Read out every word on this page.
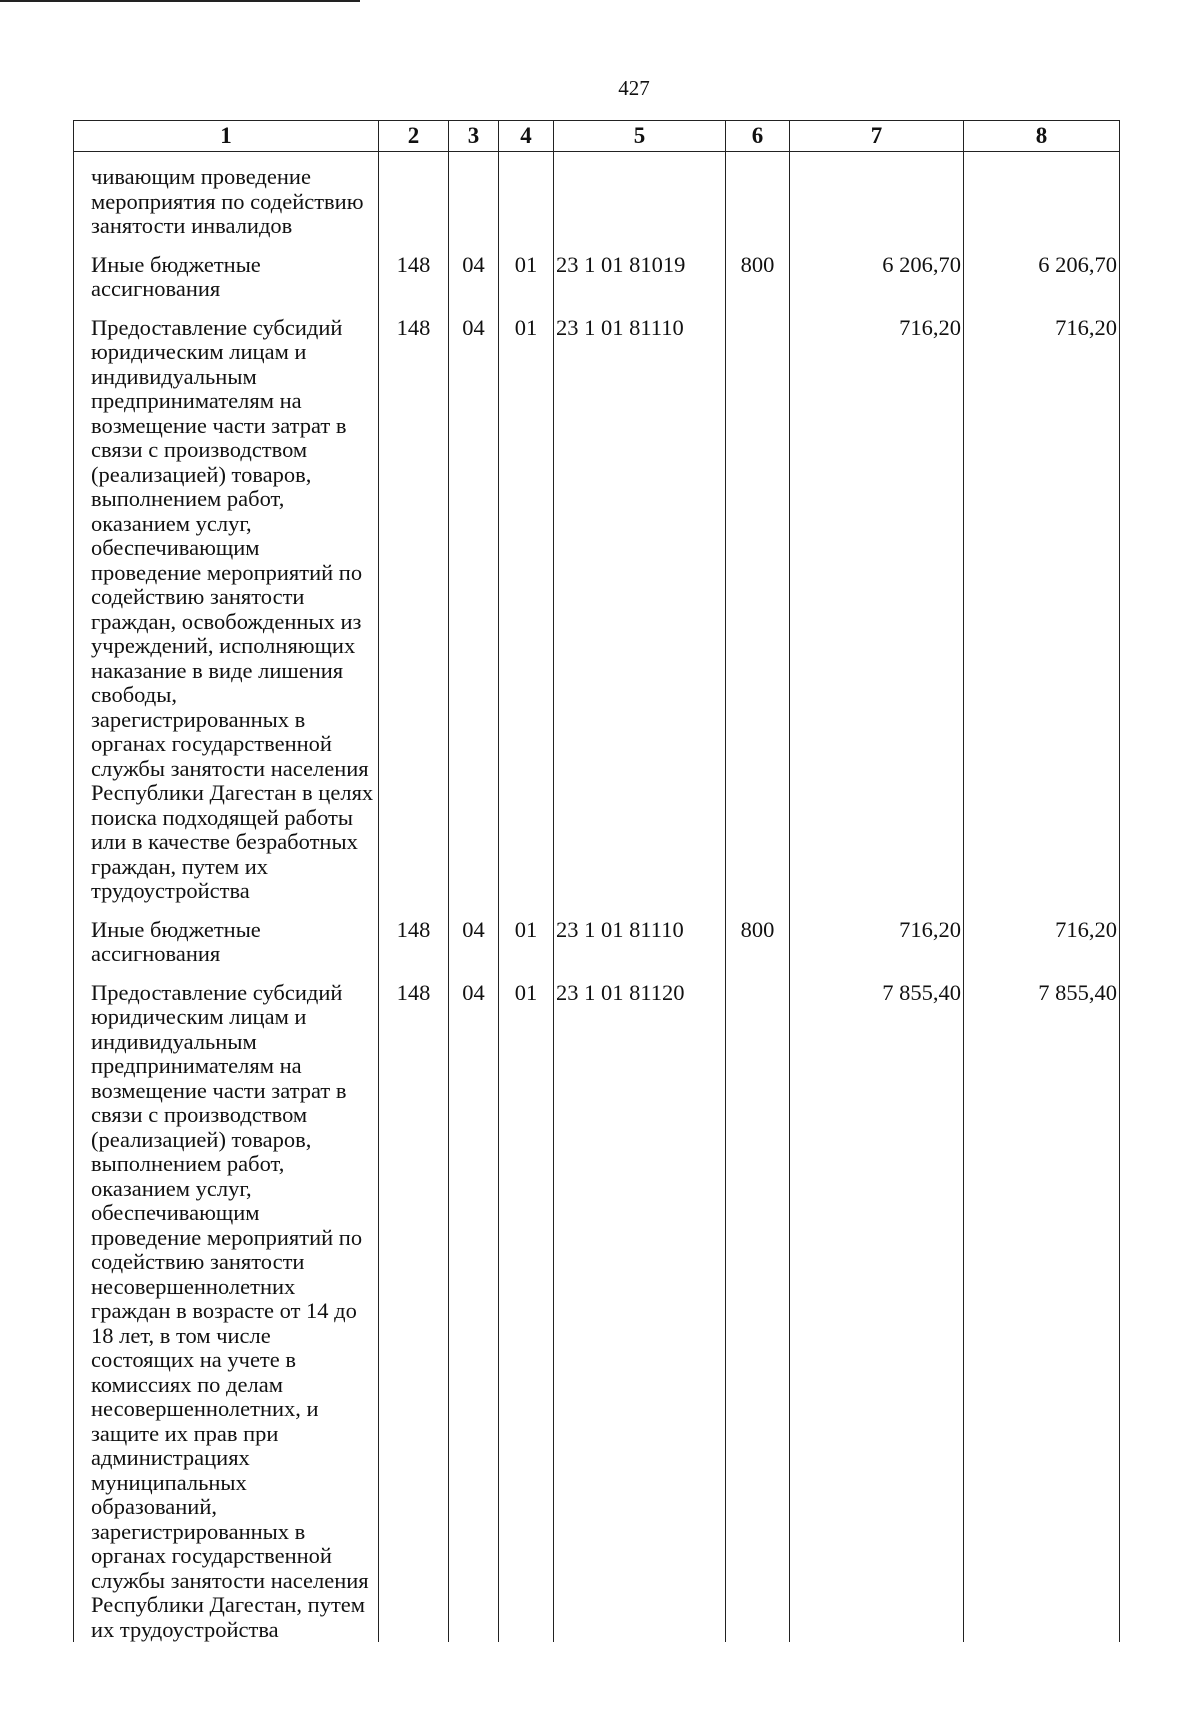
427
1	2	3	4	5	6	7	8

чивающим проведение мероприятия по содействию занятости инвалидов							

Иные бюджетные ассигнования	148	04	01	23 1 01 81019	800	6 206,70	6 206,70

Предоставление субсидий юридическим лицам и индивидуальным предпринимателям на возмещение части затрат в связи с производством (реализацией) товаров, выполнением работ, оказанием услуг, обеспечивающим проведение мероприятий по содействию занятости граждан, освобожденных из учреждений, исполняющих наказание в виде лишения свободы, зарегистрированных в органах государственной службы занятости населения Республики Дагестан в целях поиска подходящей работы или в качестве безработных граждан, путем их трудоустройства	148	04	01	23 1 01 81110		716,20	716,20

Иные бюджетные ассигнования	148	04	01	23 1 01 81110	800	716,20	716,20

Предоставление субсидий юридическим лицам и индивидуальным предпринимателям на возмещение части затрат в связи с производством (реализацией) товаров, выполнением работ, оказанием услуг, обеспечивающим проведение мероприятий по содействию занятости несовершеннолетних граждан в возрасте от 14 до 18 лет, в том числе состоящих на учете в комиссиях по делам несовершеннолетних, и защите их прав при администрациях муниципальных образований, зарегистрированных в органах государственной службы занятости населения Республики Дагестан, путем их трудоустройства	148	04	01	23 1 01 81120		7 855,40	7 855,40
